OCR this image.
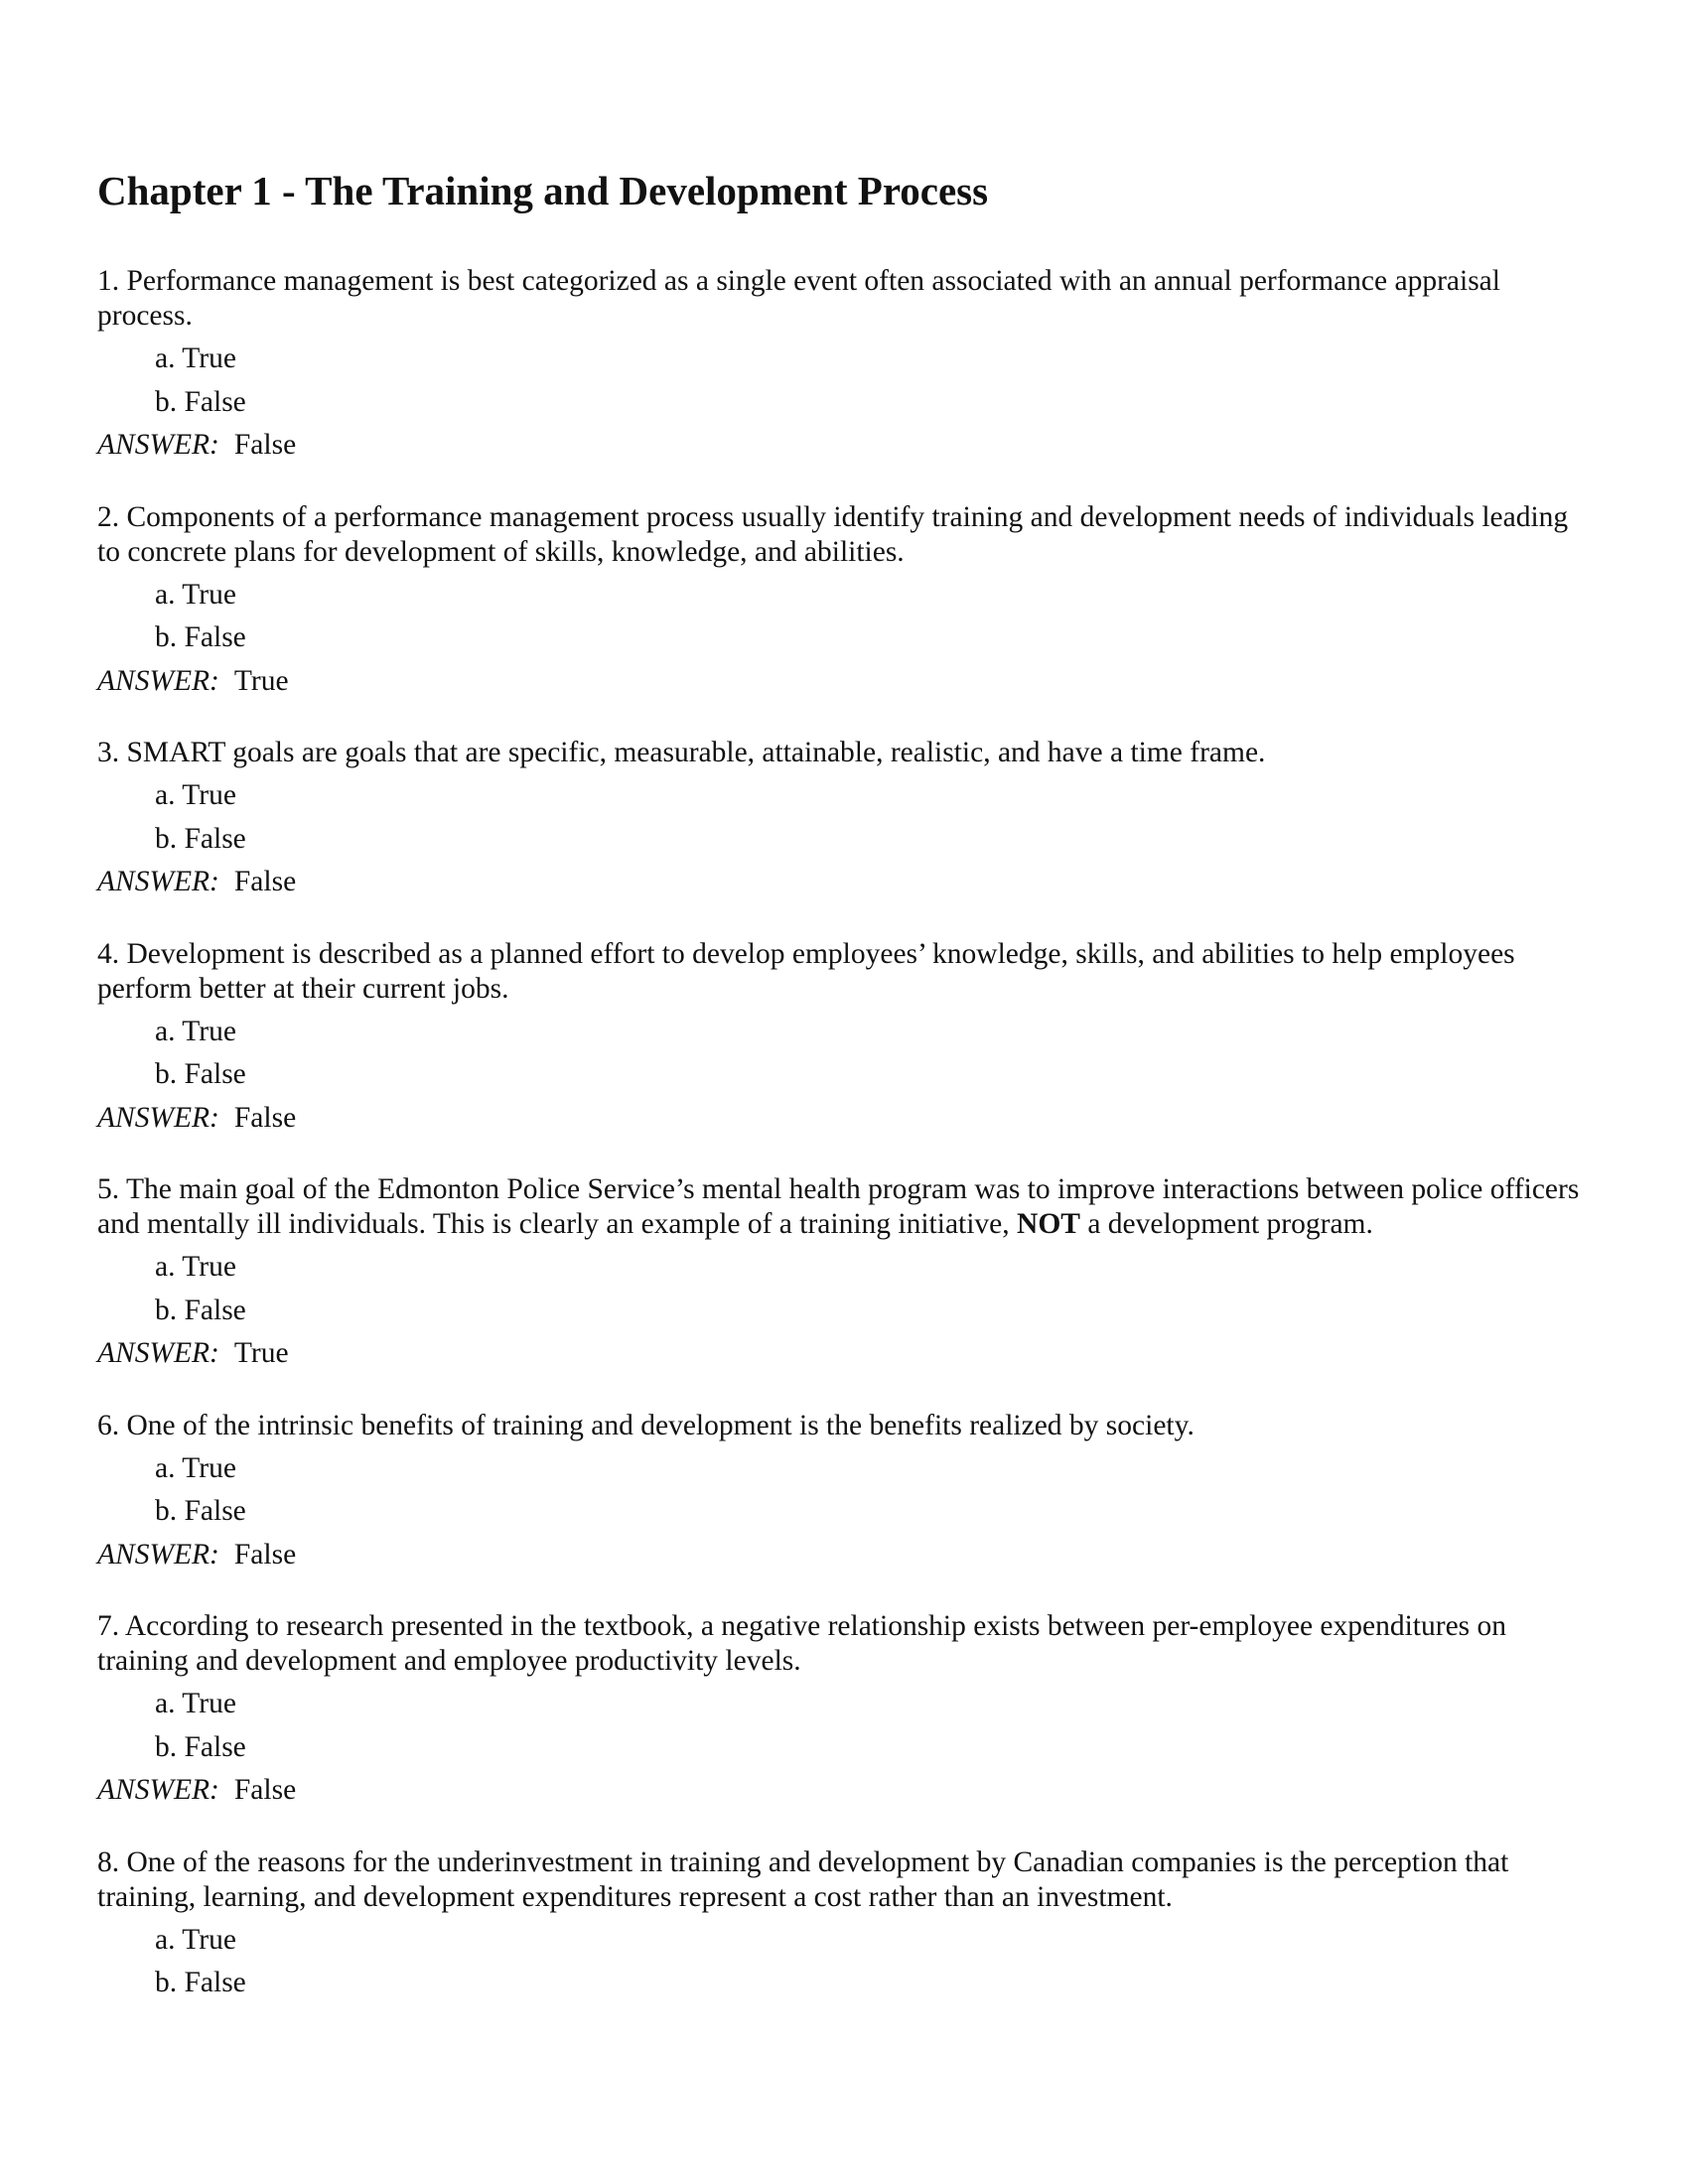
Chapter 1 - The Training and Development Process

1. Performance management is best categorized as a single event often associated with an annual performance appraisal process.

a. True
b. False
ANSWER: False

2. Components of a performance management process usually identify training and development needs of individuals leading to concrete plans for development of skills, knowledge, and abilities.

a. True
b. False
ANSWER: True

3. SMART goals are goals that are specific, measurable, attainable, realistic, and have a time frame.

a. True
b. False
ANSWER: False

4. Development is described as a planned effort to develop employees’ knowledge, skills, and abilities to help employees perform better at their current jobs.

a. True
b. False
ANSWER: False

5. The main goal of the Edmonton Police Service’s mental health program was to improve interactions between police officers and mentally ill individuals. This is clearly an example of a training initiative, NOT a development program.

a. True
b. False
ANSWER: True

6. One of the intrinsic benefits of training and development is the benefits realized by society.

a. True
b. False
ANSWER: False

7. According to research presented in the textbook, a negative relationship exists between per-employee expenditures on training and development and employee productivity levels.

a. True
b. False
ANSWER: False

8. One of the reasons for the underinvestment in training and development by Canadian companies is the perception that training, learning, and development expenditures represent a cost rather than an investment.

a. True
b. False
